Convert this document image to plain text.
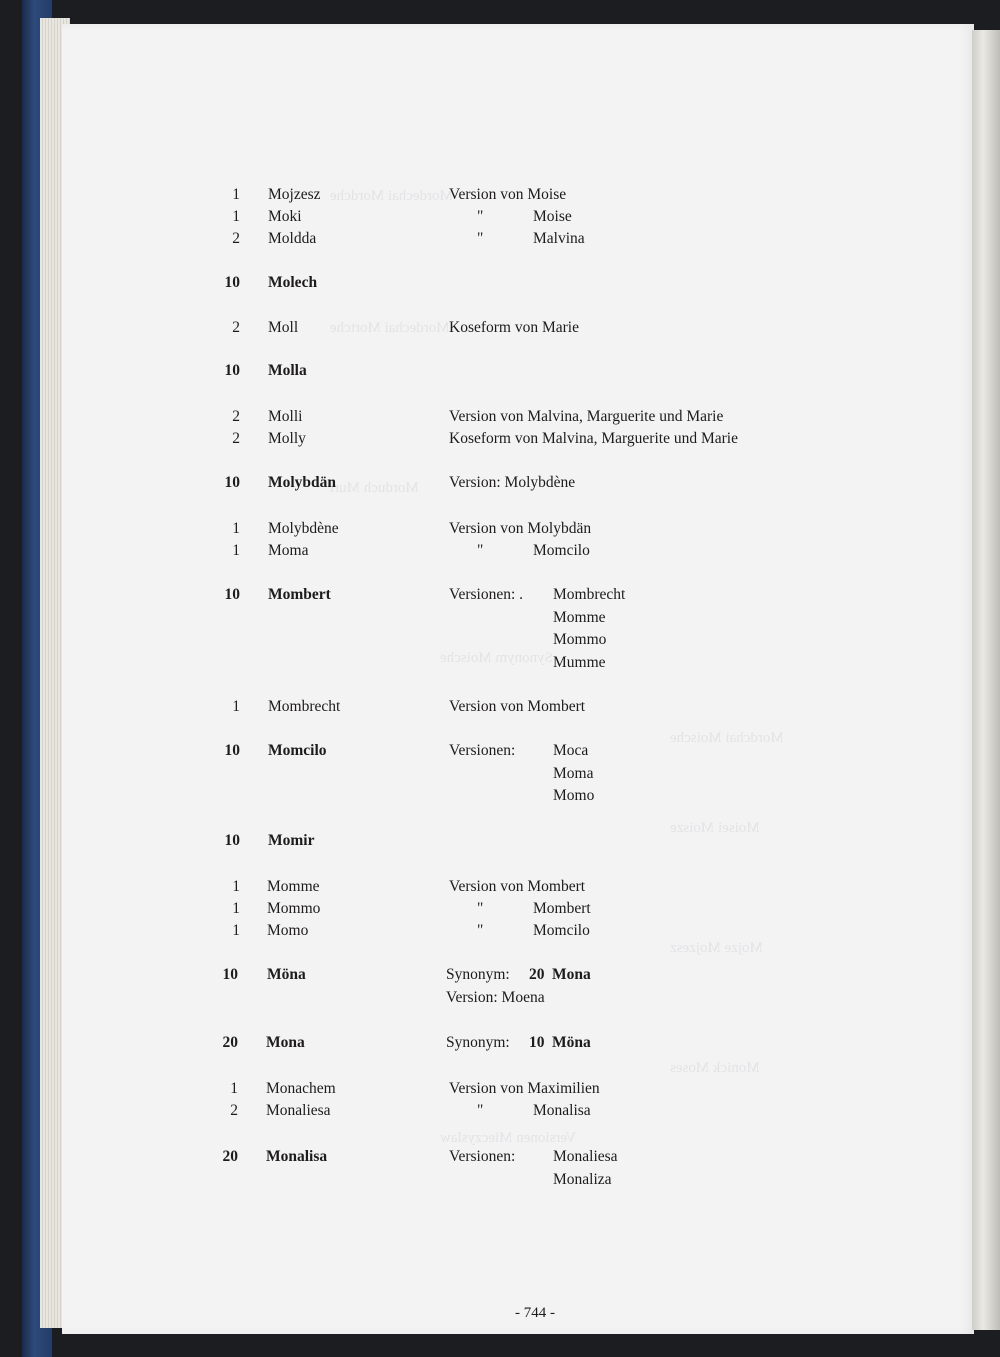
1 Mojzesz	Version von Moise
1 Moki	"	Moise
2 Moldda	"	Malvina
10 Molech
2 Moll	Koseform von Marie
10 Molla
2 Molli	Version von Malvina, Marguerite und Marie
2 Molly	Koseform von Malvina, Marguerite und Marie
10 Molybdän	Version: Molybdène
1 Molybdène	Version von Molybdän
1 Moma	"	Momcilo
10 Mombert	Versionen: . Mombrecht
Momme
Mommo
Mumme
1 Mombrecht	Version von Mombert
10 Momcilo	Versionen: Moca
Moma
Momo
10 Momir
1 Momme	Version von Mombert
1 Mommo	"	Mombert
1 Momo	"	Momcilo
10 Möna	Synonym: 20 Mona
Version: Moena
20 Mona	Synonym: 10 Möna
1 Monachem	Version von Maximilien
2 Monaliesa	"	Monalisa
20 Monalisa	Versionen: Monaliesa
Monaliza
- 744 -
